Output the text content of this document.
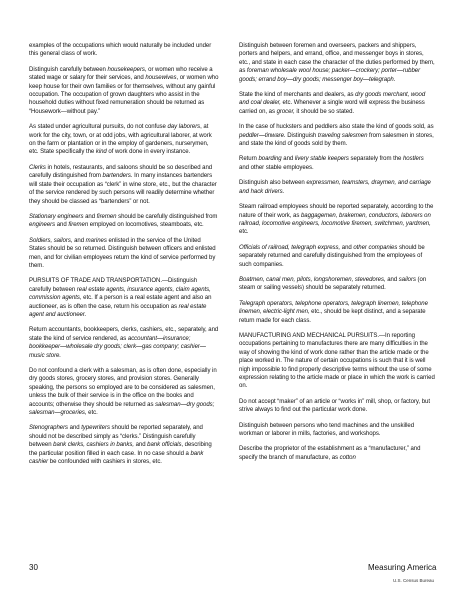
examples of the occupations which would naturally be included under this general class of work.

Distinguish carefully between housekeepers, or women who receive a stated wage or salary for their services, and housewives, or women who keep house for their own families or for themselves, without any gainful occupation. The occupation of grown daughters who assist in the household duties without fixed remuneration should be returned as “Housework—without pay.”

As stated under agricultural pursuits, do not confuse day laborers, at work for the city, town, or at odd jobs, with agricultural laborer, at work on the farm or plantation or in the employ of gardeners, nurserymen, etc. State specifically the kind of work done in every instance.

Clerks in hotels, restaurants, and saloons should be so described and carefully distinguished from bartenders. In many instances bartenders will state their occupation as “clerk” in wine store, etc., but the character of the service rendered by such persons will readily determine whether they should be classed as “bartenders” or not.

Stationary engineers and firemen should be carefully distinguished from engineers and firemen employed on locomotives, steamboats, etc.

Soldiers, sailors, and marines enlisted in the service of the United States should be so returned. Distinguish between officers and enlisted men, and for civilian employees return the kind of service performed by them.

PURSUITS OF TRADE AND TRANSPORTATION.—Distinguish carefully between real estate agents, insurance agents, claim agents, commission agents, etc. If a person is a real estate agent and also an auctioneer, as is often the case, return his occupation as real estate agent and auctioneer.

Return accountants, bookkeepers, clerks, cashiers, etc., separately, and state the kind of service rendered, as accountant—insurance; bookkeeper—wholesale dry goods; clerk—gas company; cashier—music store.

Do not confound a clerk with a salesman, as is often done, especially in dry goods stores, grocery stores, and provision stores. Generally speaking, the persons so employed are to be considered as salesmen, unless the bulk of their service is in the office on the books and accounts; otherwise they should be returned as salesman—dry goods; salesman—groceries, etc.

Stenographers and typewriters should be reported separately, and should not be described simply as “clerks.” Distinguish carefully between bank clerks, cashiers in banks, and bank officials, describing the particular position filled in each case. In no case should a bank cashier be confounded with cashiers in stores, etc.

Distinguish between foremen and overseers, packers and shippers, porters and helpers, and errand, office, and messenger boys in stores, etc., and state in each case the character of the duties performed by them, as foreman wholesale wool house; packer—crockery; porter—rubber goods; errand boy—dry goods; messenger boy—telegraph.

State the kind of merchants and dealers, as dry goods merchant, wood and coal dealer, etc. Whenever a single word will express the business carried on, as grocer, it should be so stated.

In the case of hucksters and peddlers also state the kind of goods sold, as peddler—tinware. Distinguish traveling salesmen from salesmen in stores, and state the kind of goods sold by them.

Return boarding and livery stable keepers separately from the hostlers and other stable employees.

Distinguish also between expressmen, teamsters, draymen, and carriage and hack drivers.

Steam railroad employees should be reported separately, according to the nature of their work, as baggagemen, brakemen, conductors, laborers on railroad, locomotive engineers, locomotive firemen, switchmen, yardmen, etc.

Officials of railroad, telegraph express, and other companies should be separately returned and carefully distinguished from the employees of such companies.

Boatmen, canal men, pilots, longshoremen, stevedores, and sailors (on steam or sailing vessels) should be separately returned.

Telegraph operators, telephone operators, telegraph linemen, telephone linemen, electric-light men, etc., should be kept distinct, and a separate return made for each class.

MANUFACTURING AND MECHANICAL PURSUITS.—In reporting occupations pertaining to manufactures there are many difficulties in the way of showing the kind of work done rather than the article made or the place worked in. The nature of certain occupations is such that it is well nigh impossible to find properly descriptive terms without the use of some expression relating to the article made or place in which the work is carried on.

Do not accept “maker” of an article or “works in” mill, shop, or factory, but strive always to find out the particular work done.

Distinguish between persons who tend machines and the unskilled workman or laborer in mills, factories, and workshops.

Describe the proprietor of the establishment as a “manufacturer,” and specify the branch of manufacture, as cotton

30	Measuring America
U.S. Census Bureau
